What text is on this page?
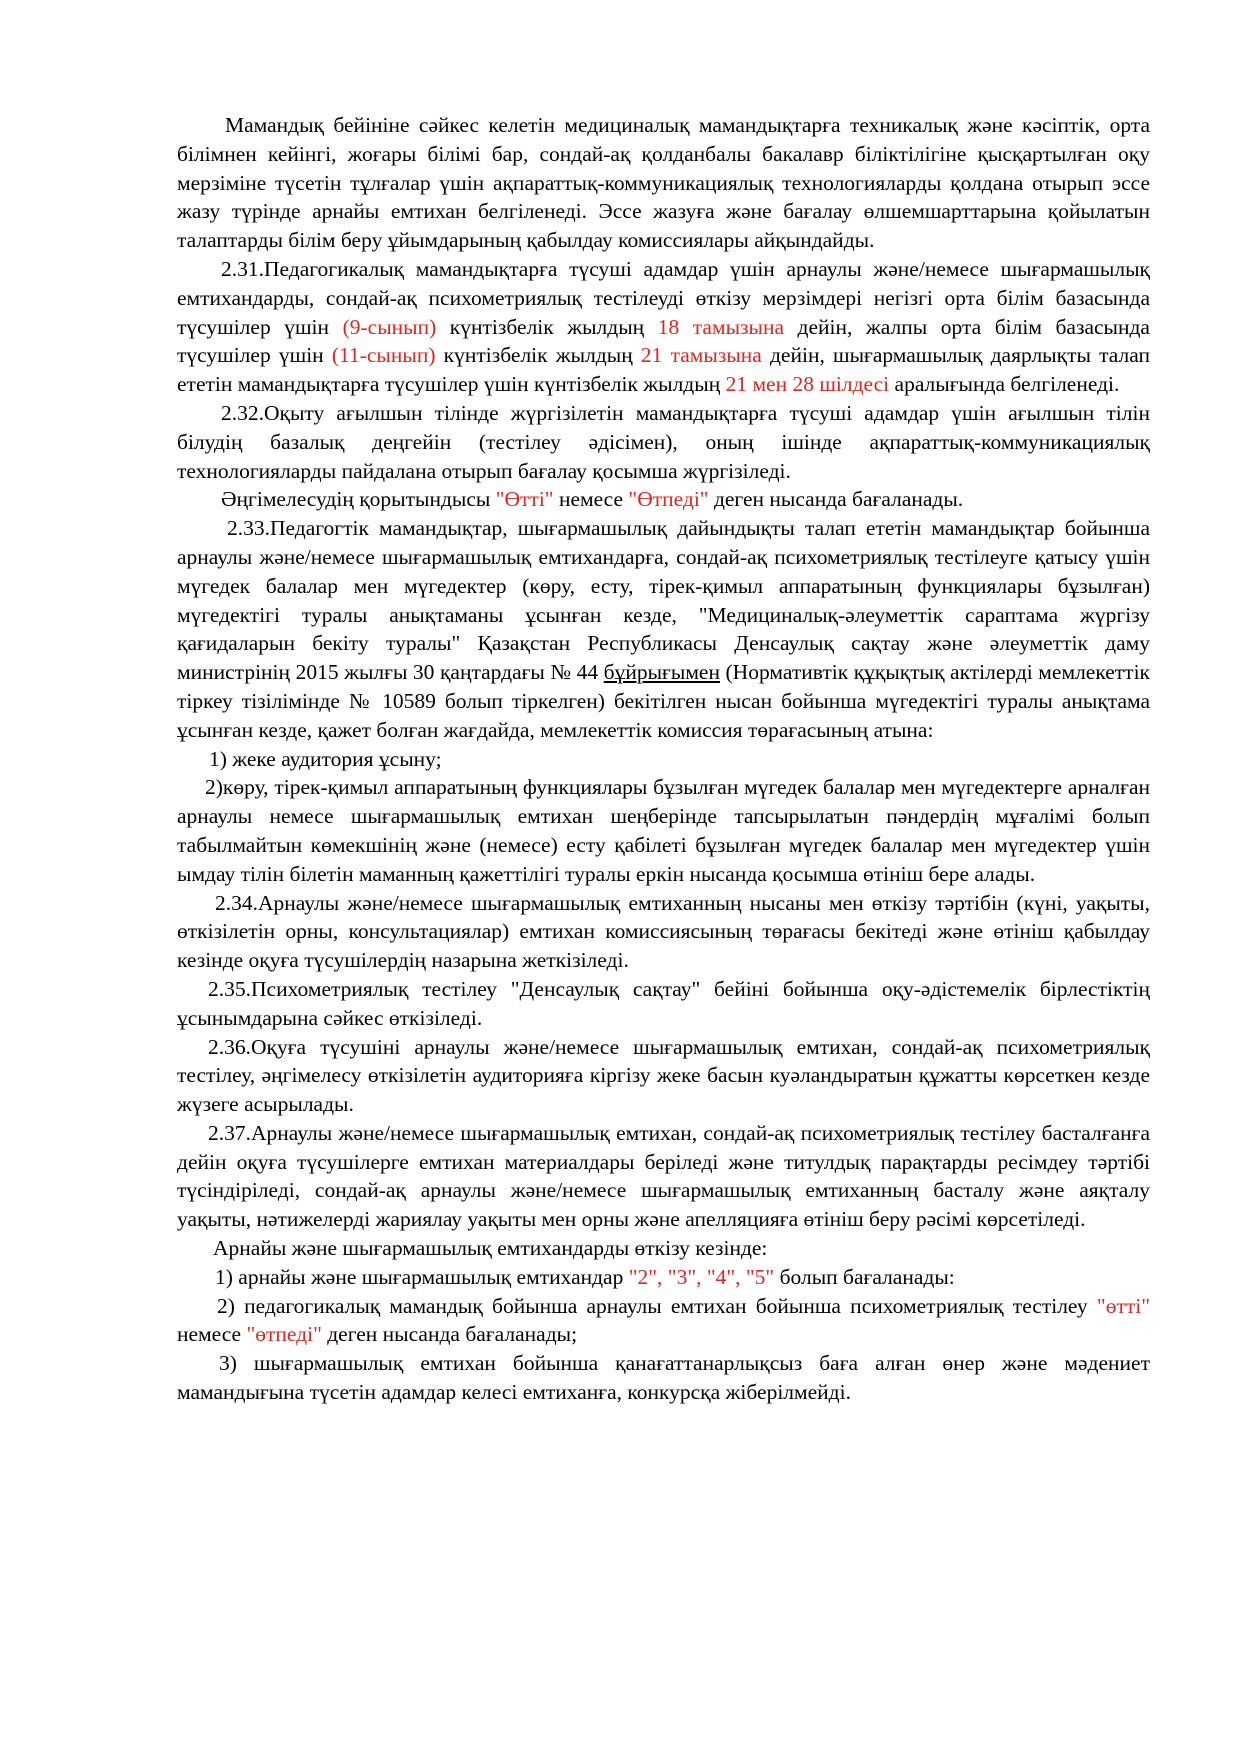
Мамандық бейініне сәйкес келетін медициналық мамандықтарға техникалық және кәсіптік, орта білімнен кейінгі, жоғары білімі бар, сондай-ақ қолданбалы бакалавр біліктілігіне қысқартылған оқу мерзіміне түсетін тұлғалар үшін ақпараттық-коммуникациялық технологияларды қолдана отырып эссе жазу түрінде арнайы емтихан белгіленеді. Эссе жазуға және бағалау өлшемшарттарына қойылатын талаптарды білім беру ұйымдарының қабылдау комиссиялары айқындайды.

2.31.Педагогикалық мамандықтарға түсуші адамдар үшін арнаулы және/немесе шығармашылық емтихандарды, сондай-ақ психометриялық тестілеуді өткізу мерзімдері негізгі орта білім базасында түсушілер үшін (9-сынып) күнтізбелік жылдың 18 тамызына дейін, жалпы орта білім базасында түсушілер үшін (11-сынып) күнтізбелік жылдың 21 тамызына дейін, шығармашылық даярлықты талап ететін мамандықтарға түсушілер үшін күнтізбелік жылдың 21 мен 28 шілдесі аралығында белгіленеді.

2.32.Оқыту ағылшын тілінде жүргізілетін мамандықтарға түсуші адамдар үшін ағылшын тілін білудің базалық деңгейін (тестілеу әдісімен), оның ішінде ақпараттық-коммуникациялық технологияларды пайдалана отырып бағалау қосымша жүргізіледі.

Әңгімелесудің қорытындысы "Өтті" немесе "Өтпеді" деген нысанда бағаланады.

2.33.Педагогтік мамандықтар, шығармашылық дайындықты талап ететін мамандықтар бойынша арнаулы және/немесе шығармашылық емтихандарға, сондай-ақ психометриялық тестілеуге қатысу үшін мүгедек балалар мен мүгедектер (көру, есту, тірек-қимыл аппаратының функциялары бұзылған) мүгедектігі туралы анықтаманы ұсынған кезде, "Медициналық-әлеуметтік сараптама жүргізу қағидаларын бекіту туралы" Қазақстан Республикасы Денсаулық сақтау және әлеуметтік даму министрінің 2015 жылғы 30 қаңтардағы № 44 бұйрығымен (Нормативтік құқықтық актілерді мемлекеттік тіркеу тізілімінде № 10589 болып тіркелген) бекітілген нысан бойынша мүгедектігі туралы анықтама ұсынған кезде, қажет болған жағдайда, мемлекеттік комиссия төрағасының атына:

1) жеке аудитория ұсыну;

2)көру, тірек-қимыл аппаратының функциялары бұзылған мүгедек балалар мен мүгедектерге арналған арнаулы немесе шығармашылық емтихан шеңберінде тапсырылатын пәндердің мұғалімі болып табылмайтын көмекшінің және (немесе) есту қабілеті бұзылған мүгедек балалар мен мүгедектер үшін ымдау тілін білетін маманның қажеттілігі туралы еркін нысанда қосымша өтініш бере алады.

2.34.Арнаулы және/немесе шығармашылық емтиханның нысаны мен өткізу тәртібін (күні, уақыты, өткізілетін орны, консультациялар) емтихан комиссиясының төрағасы бекітеді және өтініш қабылдау кезінде оқуға түсушілердің назарына жеткізіледі.

2.35.Психометриялық тестілеу "Денсаулық сақтау" бейіні бойынша оқу-әдістемелік бірлестіктің ұсынымдарына сәйкес өткізіледі.

2.36.Оқуға түсушіні арнаулы және/немесе шығармашылық емтихан, сондай-ақ психометриялық тестілеу, әңгімелесу өткізілетін аудиторияға кіргізу жеке басын куәландыратын құжатты көрсеткен кезде жүзеге асырылады.

2.37.Арнаулы және/немесе шығармашылық емтихан, сондай-ақ психометриялық тестілеу басталғанға дейін оқуға түсушілерге емтихан материалдары беріледі және титулдық парақтарды ресімдеу тәртібі түсіндіріледі, сондай-ақ арнаулы және/немесе шығармашылық емтиханның басталу және аяқталу уақыты, нәтижелерді жариялау уақыты мен орны және апелляцияға өтініш беру рәсімі көрсетіледі.

Арнайы және шығармашылық емтихандарды өткізу кезінде:

1) арнайы және шығармашылық емтихандар "2", "3", "4", "5" болып бағаланады:

2) педагогикалық мамандық бойынша арнаулы емтихан бойынша психометриялық тестілеу "өтті" немесе "өтпеді" деген нысанда бағаланады;

3) шығармашылық емтихан бойынша қанағаттанарлықсыз баға алған өнер және мәдениет мамандығына түсетін адамдар келесі емтиханға, конкурсқа жіберілмейді.
